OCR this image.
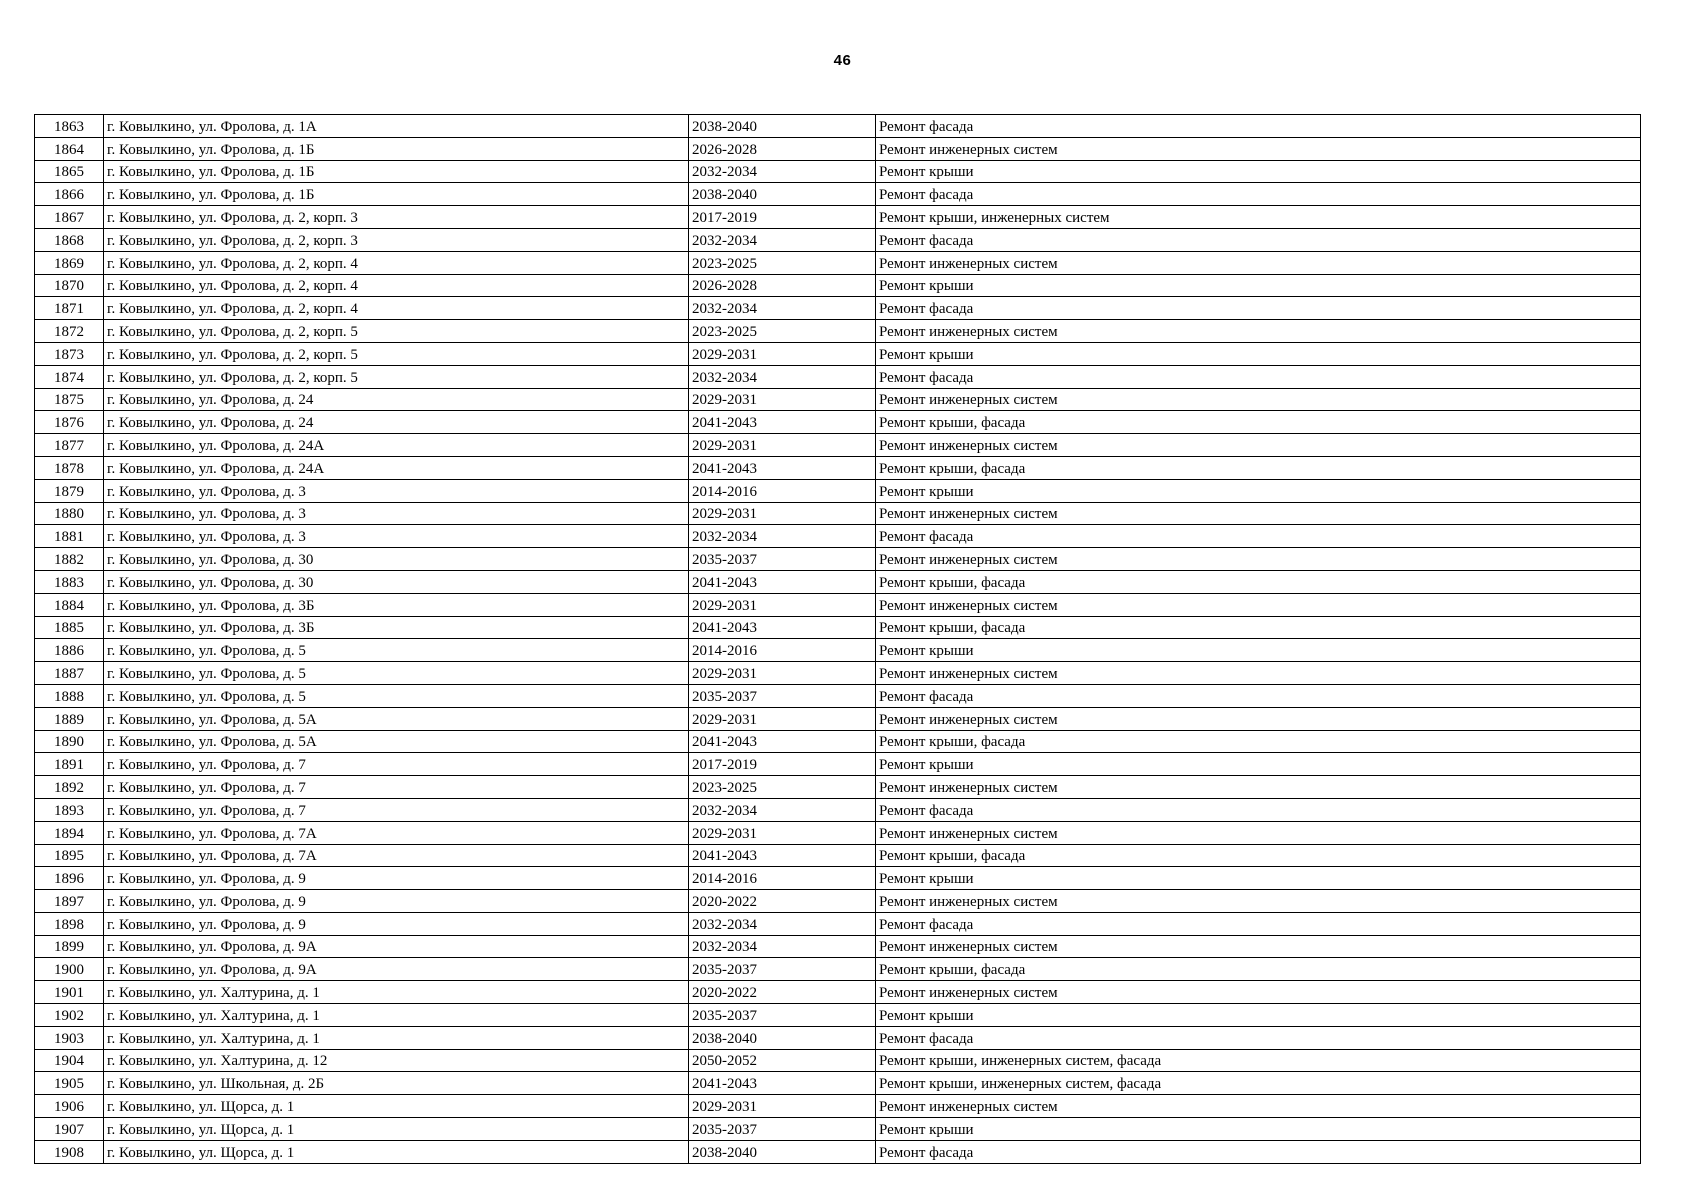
46
1863	г. Ковылкино, ул. Фролова, д. 1А	2038-2040	Ремонт фасада
1864	г. Ковылкино, ул. Фролова, д. 1Б	2026-2028	Ремонт инженерных систем
1865	г. Ковылкино, ул. Фролова, д. 1Б	2032-2034	Ремонт крыши
1866	г. Ковылкино, ул. Фролова, д. 1Б	2038-2040	Ремонт фасада
1867	г. Ковылкино, ул. Фролова, д. 2, корп. 3	2017-2019	Ремонт крыши, инженерных систем
1868	г. Ковылкино, ул. Фролова, д. 2, корп. 3	2032-2034	Ремонт фасада
1869	г. Ковылкино, ул. Фролова, д. 2, корп. 4	2023-2025	Ремонт инженерных систем
1870	г. Ковылкино, ул. Фролова, д. 2, корп. 4	2026-2028	Ремонт крыши
1871	г. Ковылкино, ул. Фролова, д. 2, корп. 4	2032-2034	Ремонт фасада
1872	г. Ковылкино, ул. Фролова, д. 2, корп. 5	2023-2025	Ремонт инженерных систем
1873	г. Ковылкино, ул. Фролова, д. 2, корп. 5	2029-2031	Ремонт крыши
1874	г. Ковылкино, ул. Фролова, д. 2, корп. 5	2032-2034	Ремонт фасада
1875	г. Ковылкино, ул. Фролова, д. 24	2029-2031	Ремонт инженерных систем
1876	г. Ковылкино, ул. Фролова, д. 24	2041-2043	Ремонт крыши, фасада
1877	г. Ковылкино, ул. Фролова, д. 24А	2029-2031	Ремонт инженерных систем
1878	г. Ковылкино, ул. Фролова, д. 24А	2041-2043	Ремонт крыши, фасада
1879	г. Ковылкино, ул. Фролова, д. 3	2014-2016	Ремонт крыши
1880	г. Ковылкино, ул. Фролова, д. 3	2029-2031	Ремонт инженерных систем
1881	г. Ковылкино, ул. Фролова, д. 3	2032-2034	Ремонт фасада
1882	г. Ковылкино, ул. Фролова, д. 30	2035-2037	Ремонт инженерных систем
1883	г. Ковылкино, ул. Фролова, д. 30	2041-2043	Ремонт крыши, фасада
1884	г. Ковылкино, ул. Фролова, д. 3Б	2029-2031	Ремонт инженерных систем
1885	г. Ковылкино, ул. Фролова, д. 3Б	2041-2043	Ремонт крыши, фасада
1886	г. Ковылкино, ул. Фролова, д. 5	2014-2016	Ремонт крыши
1887	г. Ковылкино, ул. Фролова, д. 5	2029-2031	Ремонт инженерных систем
1888	г. Ковылкино, ул. Фролова, д. 5	2035-2037	Ремонт фасада
1889	г. Ковылкино, ул. Фролова, д. 5А	2029-2031	Ремонт инженерных систем
1890	г. Ковылкино, ул. Фролова, д. 5А	2041-2043	Ремонт крыши, фасада
1891	г. Ковылкино, ул. Фролова, д. 7	2017-2019	Ремонт крыши
1892	г. Ковылкино, ул. Фролова, д. 7	2023-2025	Ремонт инженерных систем
1893	г. Ковылкино, ул. Фролова, д. 7	2032-2034	Ремонт фасада
1894	г. Ковылкино, ул. Фролова, д. 7А	2029-2031	Ремонт инженерных систем
1895	г. Ковылкино, ул. Фролова, д. 7А	2041-2043	Ремонт крыши, фасада
1896	г. Ковылкино, ул. Фролова, д. 9	2014-2016	Ремонт крыши
1897	г. Ковылкино, ул. Фролова, д. 9	2020-2022	Ремонт инженерных систем
1898	г. Ковылкино, ул. Фролова, д. 9	2032-2034	Ремонт фасада
1899	г. Ковылкино, ул. Фролова, д. 9А	2032-2034	Ремонт инженерных систем
1900	г. Ковылкино, ул. Фролова, д. 9А	2035-2037	Ремонт крыши, фасада
1901	г. Ковылкино, ул. Халтурина, д. 1	2020-2022	Ремонт инженерных систем
1902	г. Ковылкино, ул. Халтурина, д. 1	2035-2037	Ремонт крыши
1903	г. Ковылкино, ул. Халтурина, д. 1	2038-2040	Ремонт фасада
1904	г. Ковылкино, ул. Халтурина, д. 12	2050-2052	Ремонт крыши, инженерных систем, фасада
1905	г. Ковылкино, ул. Школьная, д. 2Б	2041-2043	Ремонт крыши, инженерных систем, фасада
1906	г. Ковылкино, ул. Щорса, д. 1	2029-2031	Ремонт инженерных систем
1907	г. Ковылкино, ул. Щорса, д. 1	2035-2037	Ремонт крыши
1908	г. Ковылкино, ул. Щорса, д. 1	2038-2040	Ремонт фасада
